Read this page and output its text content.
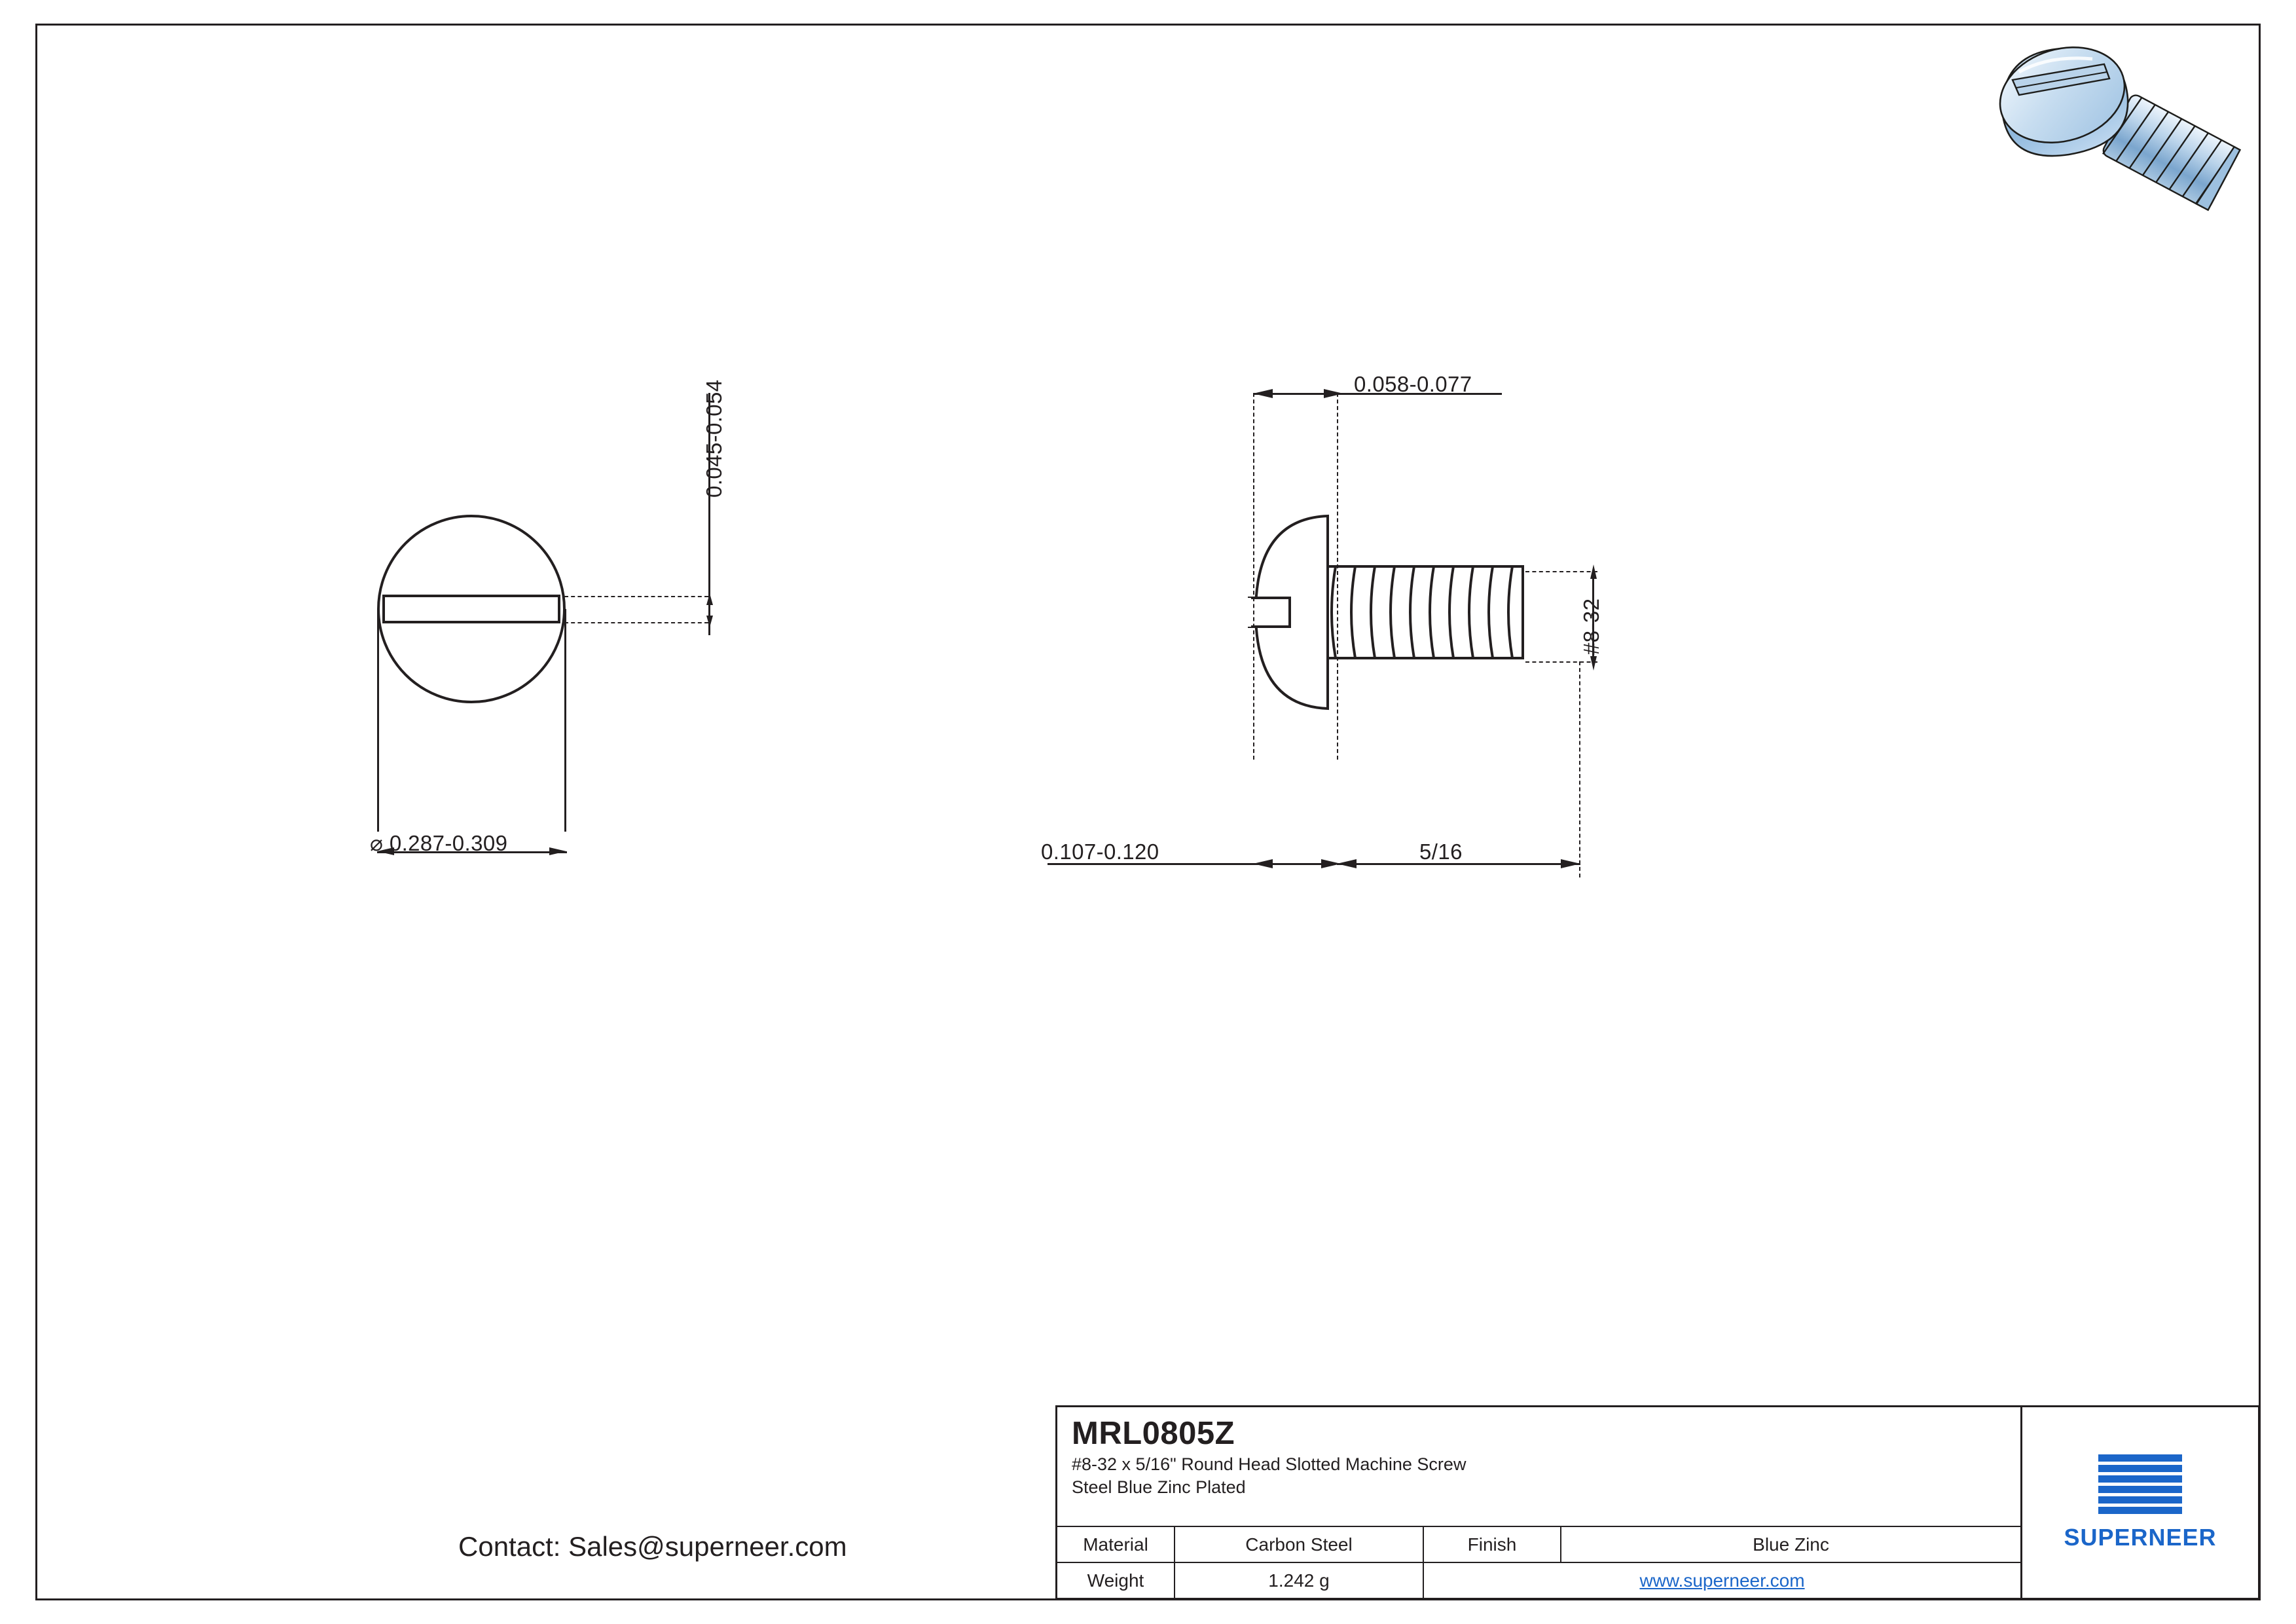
0.045-0.054
⌀ 0.287-0.309
0.058-0.077
#8-32
0.107-0.120	5/16
Contact: Sales@superneer.com
MRL0805Z
#8-32 x 5/16" Round Head Slotted Machine Screw
Steel Blue Zinc Plated
Material	Carbon Steel	Finish	Blue Zinc
Weight	1.242 g	www.superneer.com
SUPERNEER
